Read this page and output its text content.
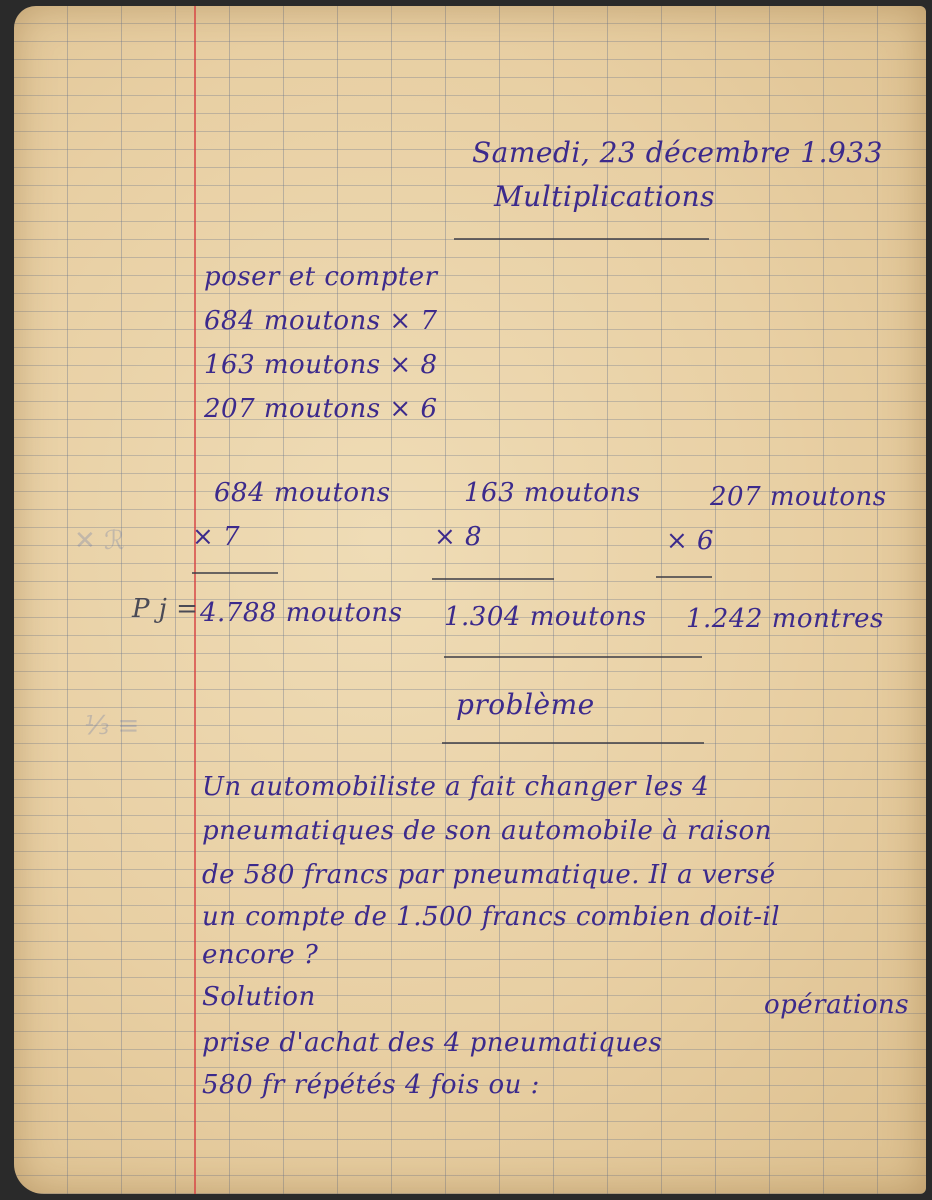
✕ ℛ
⅓ ≡
Samedi, 23 décembre 1.933
Multiplications
poser et compter
684 moutons × 7
163 moutons × 8
207 moutons × 6
684 moutons	163 moutons	207 moutons
× 7	× 8	× 6
P j = 4.788 moutons 1.304 moutons 1.242 montres
problème
Un automobiliste a fait changer les 4
pneumatiques de son automobile à raison
de 580 francs par pneumatique. Il a versé
un compte de 1.500 francs combien doit-il
encore ?
Solution	opérations
prise d'achat des 4 pneumatiques
580 fr répétés 4 fois ou :
